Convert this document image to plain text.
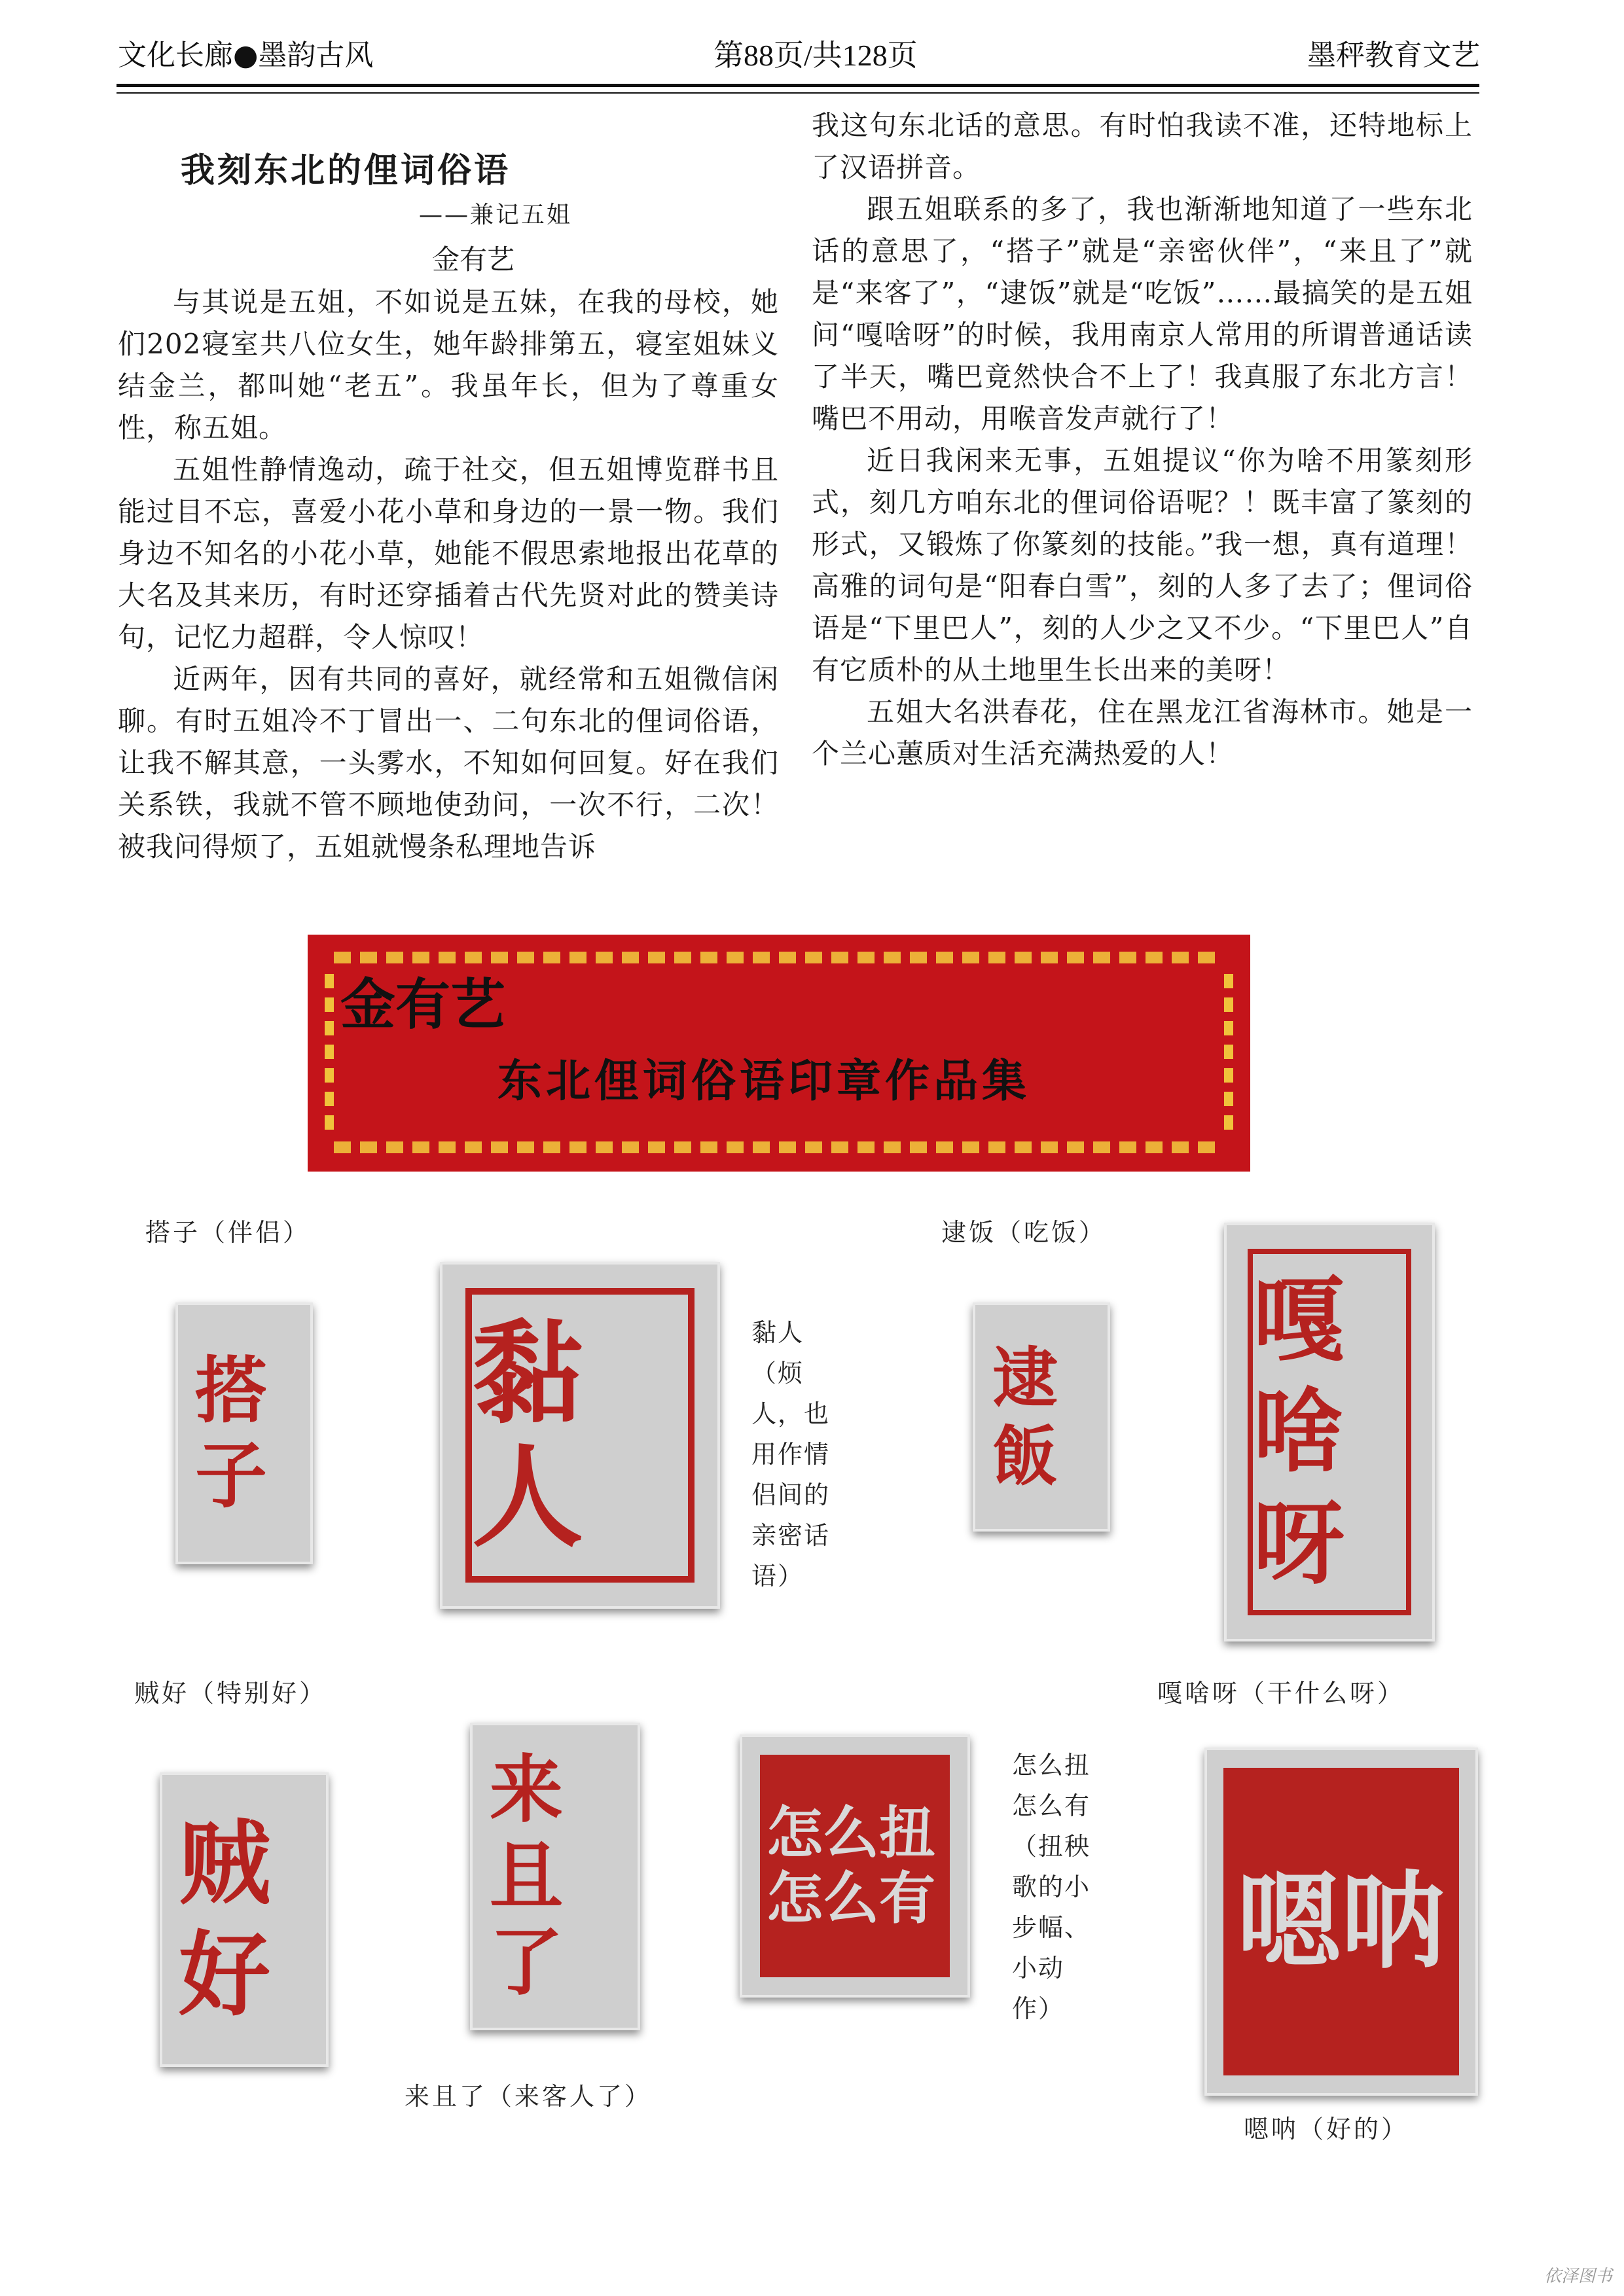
文化长廊●墨韵古风	第88页/共128页	墨秤教育文艺
我刻东北的俚词俗语
——兼记五姐
金有艺

与其说是五姐，不如说是五妹，在我的母校，她们202寝室共八位女生，她年龄排第五，寝室姐妹义结金兰，都叫她“老五”。我虽年长，但为了尊重女性，称五姐。

五姐性静情逸动，疏于社交，但五姐博览群书且能过目不忘，喜爱小花小草和身边的一景一物。我们身边不知名的小花小草，她能不假思索地报出花草的大名及其来历，有时还穿插着古代先贤对此的赞美诗句，记忆力超群，令人惊叹！

近两年，因有共同的喜好，就经常和五姐微信闲聊。有时五姐冷不丁冒出一、二句东北的俚词俗语，让我不解其意，一头雾水，不知如何回复。好在我们关系铁，我就不管不顾地使劲问，一次不行，二次！被我问得烦了，五姐就慢条私理地告诉

我这句东北话的意思。有时怕我读不准，还特地标上了汉语拼音。

跟五姐联系的多了，我也渐渐地知道了一些东北话的意思了，“搭子”就是“亲密伙伴”，“来且了”就是“来客了”，“逮饭”就是“吃饭”……最搞笑的是五姐问“嘎啥呀”的时候，我用南京人常用的所谓普通话读了半天，嘴巴竟然快合不上了！我真服了东北方言！嘴巴不用动，用喉音发声就行了！

近日我闲来无事，五姐提议“你为啥不用篆刻形式，刻几方咱东北的俚词俗语呢？！既丰富了篆刻的形式，又锻炼了你篆刻的技能。”我一想，真有道理！高雅的词句是“阳春白雪”，刻的人多了去了；俚词俗语是“下里巴人”，刻的人少之又不少。“下里巴人”自有它质朴的从土地里生长出来的美呀！

五姐大名洪春花，住在黑龙江省海林市。她是一个兰心蕙质对生活充满热爱的人！

金有艺
东北俚词俗语印章作品集
搭子（伴侣）
搭子
黏人
黏人
（烦
人，也
用作情
侣间的
亲密话
语）
逮饭（吃饭）
逮飯
嘎啥呀
贼好（特别好）	嘎啥呀（干什么呀）
贼好
来且了
怎么扭怎么有
怎么扭
怎么有
（扭秧
歌的小
步幅、
小动
作）
嗯呐
来且了（来客人了）
嗯呐（好的）
依泽图书
